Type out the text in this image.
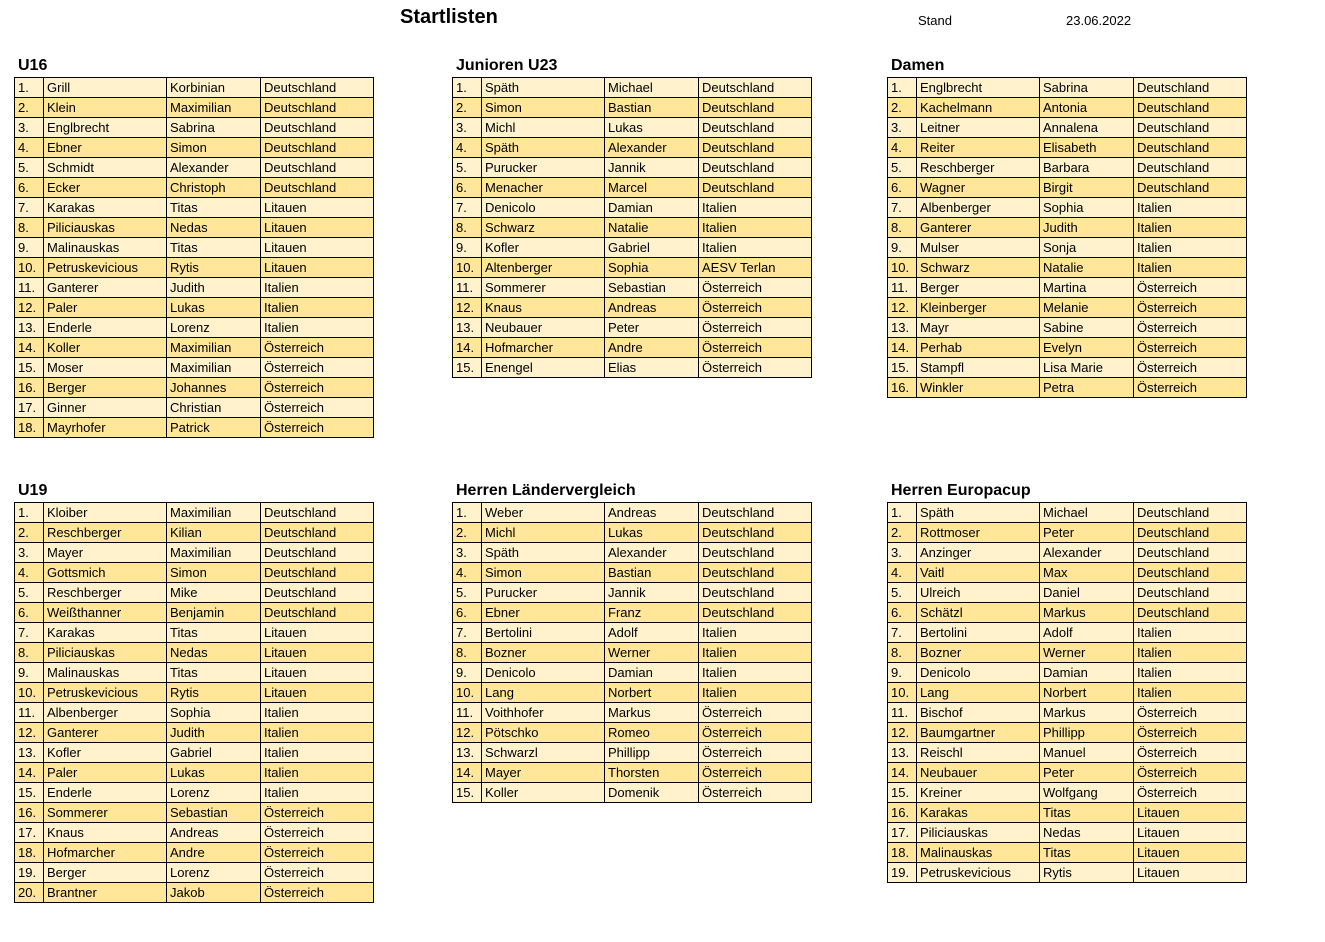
Startlisten	Stand	23.06.2022
U16
1.	Grill	Korbinian	Deutschland
2.	Klein	Maximilian	Deutschland
3.	Englbrecht	Sabrina	Deutschland
4.	Ebner	Simon	Deutschland
5.	Schmidt	Alexander	Deutschland
6.	Ecker	Christoph	Deutschland
7.	Karakas	Titas	Litauen
8.	Piliciauskas	Nedas	Litauen
9.	Malinauskas	Titas	Litauen
10.	Petruskevicious	Rytis	Litauen
11.	Ganterer	Judith	Italien
12.	Paler	Lukas	Italien
13.	Enderle	Lorenz	Italien
14.	Koller	Maximilian	Österreich
15.	Moser	Maximilian	Österreich
16.	Berger	Johannes	Österreich
17.	Ginner	Christian	Österreich
18.	Mayrhofer	Patrick	Österreich
Junioren U23
1.	Späth	Michael	Deutschland
2.	Simon	Bastian	Deutschland
3.	Michl	Lukas	Deutschland
4.	Späth	Alexander	Deutschland
5.	Purucker	Jannik	Deutschland
6.	Menacher	Marcel	Deutschland
7.	Denicolo	Damian	Italien
8.	Schwarz	Natalie	Italien
9.	Kofler	Gabriel	Italien
10.	Altenberger	Sophia	AESV Terlan
11.	Sommerer	Sebastian	Österreich
12.	Knaus	Andreas	Österreich
13.	Neubauer	Peter	Österreich
14.	Hofmarcher	Andre	Österreich
15.	Enengel	Elias	Österreich
Damen
1.	Englbrecht	Sabrina	Deutschland
2.	Kachelmann	Antonia	Deutschland
3.	Leitner	Annalena	Deutschland
4.	Reiter	Elisabeth	Deutschland
5.	Reschberger	Barbara	Deutschland
6.	Wagner	Birgit	Deutschland
7.	Albenberger	Sophia	Italien
8.	Ganterer	Judith	Italien
9.	Mulser	Sonja	Italien
10.	Schwarz	Natalie	Italien
11.	Berger	Martina	Österreich
12.	Kleinberger	Melanie	Österreich
13.	Mayr	Sabine	Österreich
14.	Perhab	Evelyn	Österreich
15.	Stampfl	Lisa Marie	Österreich
16.	Winkler	Petra	Österreich
U19
1.	Kloiber	Maximilian	Deutschland
2.	Reschberger	Kilian	Deutschland
3.	Mayer	Maximilian	Deutschland
4.	Gottsmich	Simon	Deutschland
5.	Reschberger	Mike	Deutschland
6.	Weißthanner	Benjamin	Deutschland
7.	Karakas	Titas	Litauen
8.	Piliciauskas	Nedas	Litauen
9.	Malinauskas	Titas	Litauen
10.	Petruskevicious	Rytis	Litauen
11.	Albenberger	Sophia	Italien
12.	Ganterer	Judith	Italien
13.	Kofler	Gabriel	Italien
14.	Paler	Lukas	Italien
15.	Enderle	Lorenz	Italien
16.	Sommerer	Sebastian	Österreich
17.	Knaus	Andreas	Österreich
18.	Hofmarcher	Andre	Österreich
19.	Berger	Lorenz	Österreich
20.	Brantner	Jakob	Österreich
Herren Ländervergleich
1.	Weber	Andreas	Deutschland
2.	Michl	Lukas	Deutschland
3.	Späth	Alexander	Deutschland
4.	Simon	Bastian	Deutschland
5.	Purucker	Jannik	Deutschland
6.	Ebner	Franz	Deutschland
7.	Bertolini	Adolf	Italien
8.	Bozner	Werner	Italien
9.	Denicolo	Damian	Italien
10.	Lang	Norbert	Italien
11.	Voithhofer	Markus	Österreich
12.	Pötschko	Romeo	Österreich
13.	Schwarzl	Phillipp	Österreich
14.	Mayer	Thorsten	Österreich
15.	Koller	Domenik	Österreich
Herren Europacup
1.	Späth	Michael	Deutschland
2.	Rottmoser	Peter	Deutschland
3.	Anzinger	Alexander	Deutschland
4.	Vaitl	Max	Deutschland
5.	Ulreich	Daniel	Deutschland
6.	Schätzl	Markus	Deutschland
7.	Bertolini	Adolf	Italien
8.	Bozner	Werner	Italien
9.	Denicolo	Damian	Italien
10.	Lang	Norbert	Italien
11.	Bischof	Markus	Österreich
12.	Baumgartner	Phillipp	Österreich
13.	Reischl	Manuel	Österreich
14.	Neubauer	Peter	Österreich
15.	Kreiner	Wolfgang	Österreich
16.	Karakas	Titas	Litauen
17.	Piliciauskas	Nedas	Litauen
18.	Malinauskas	Titas	Litauen
19.	Petruskevicious	Rytis	Litauen
